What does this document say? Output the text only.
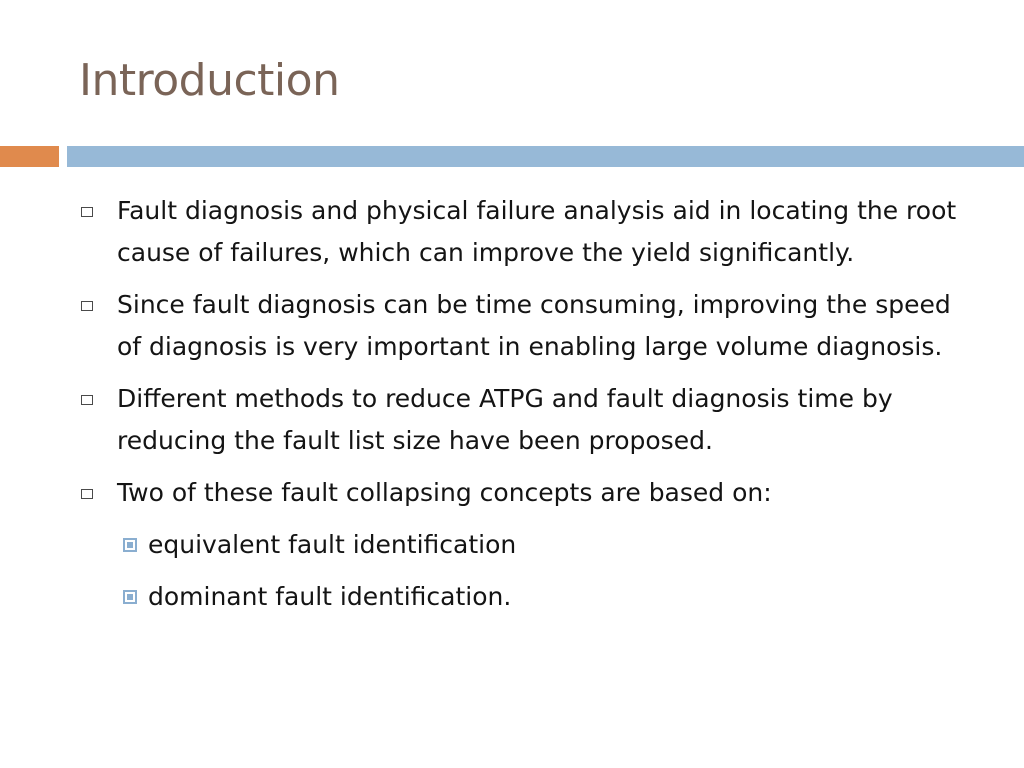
Introduction
Fault diagnosis and physical failure analysis aid in locating the root cause of failures, which can improve the yield significantly.
Since fault diagnosis can be time consuming, improving the speed of diagnosis is very important in enabling large volume diagnosis.
Different methods to reduce ATPG and fault diagnosis time by reducing the fault list size have been proposed.
Two of these fault collapsing concepts are based on:
equivalent fault identification
dominant fault identification.
